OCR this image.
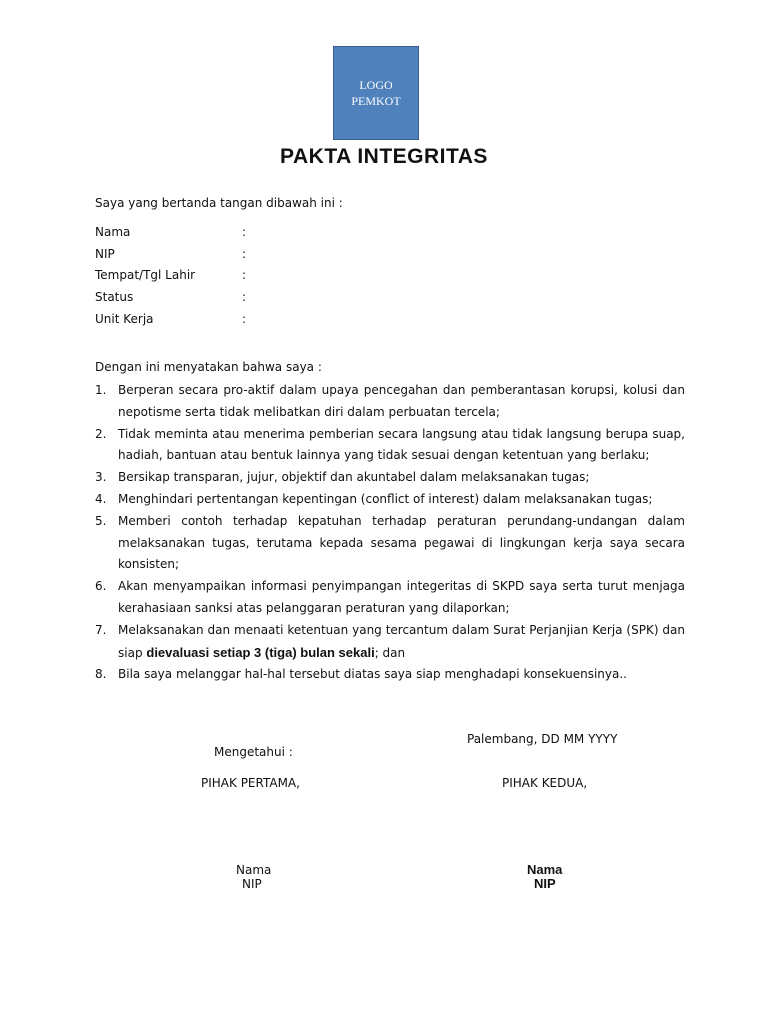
LOGO
PEMKOT
PAKTA INTEGRITAS
Saya yang bertanda tangan dibawah ini :
Nama	:
NIP	:
Tempat/Tgl Lahir	:
Status	:
Unit Kerja	:
Dengan ini menyatakan bahwa saya :
1. Berperan secara pro-aktif dalam upaya pencegahan dan pemberantasan korupsi, kolusi dan nepotisme serta tidak melibatkan diri dalam perbuatan tercela;
2. Tidak meminta atau menerima pemberian secara langsung atau tidak langsung berupa suap, hadiah, bantuan atau bentuk lainnya yang tidak sesuai dengan ketentuan yang berlaku;
3. Bersikap transparan, jujur, objektif dan akuntabel dalam melaksanakan tugas;
4. Menghindari pertentangan kepentingan (conflict of interest) dalam melaksanakan tugas;
5. Memberi contoh terhadap kepatuhan terhadap peraturan perundang-undangan dalam melaksanakan tugas, terutama kepada sesama pegawai di lingkungan kerja saya secara konsisten;
6. Akan menyampaikan informasi penyimpangan integeritas di SKPD saya serta turut menjaga kerahasiaan sanksi atas pelanggaran peraturan yang dilaporkan;
7. Melaksanakan dan menaati ketentuan yang tercantum dalam Surat Perjanjian Kerja (SPK) dan siap dievaluasi setiap 3 (tiga) bulan sekali; dan
8. Bila saya melanggar hal-hal tersebut diatas saya siap menghadapi konsekuensinya..
Palembang, DD MM YYYY
Mengetahui :
PIHAK PERTAMA,	PIHAK KEDUA,
Nama
NIP
Nama
NIP
